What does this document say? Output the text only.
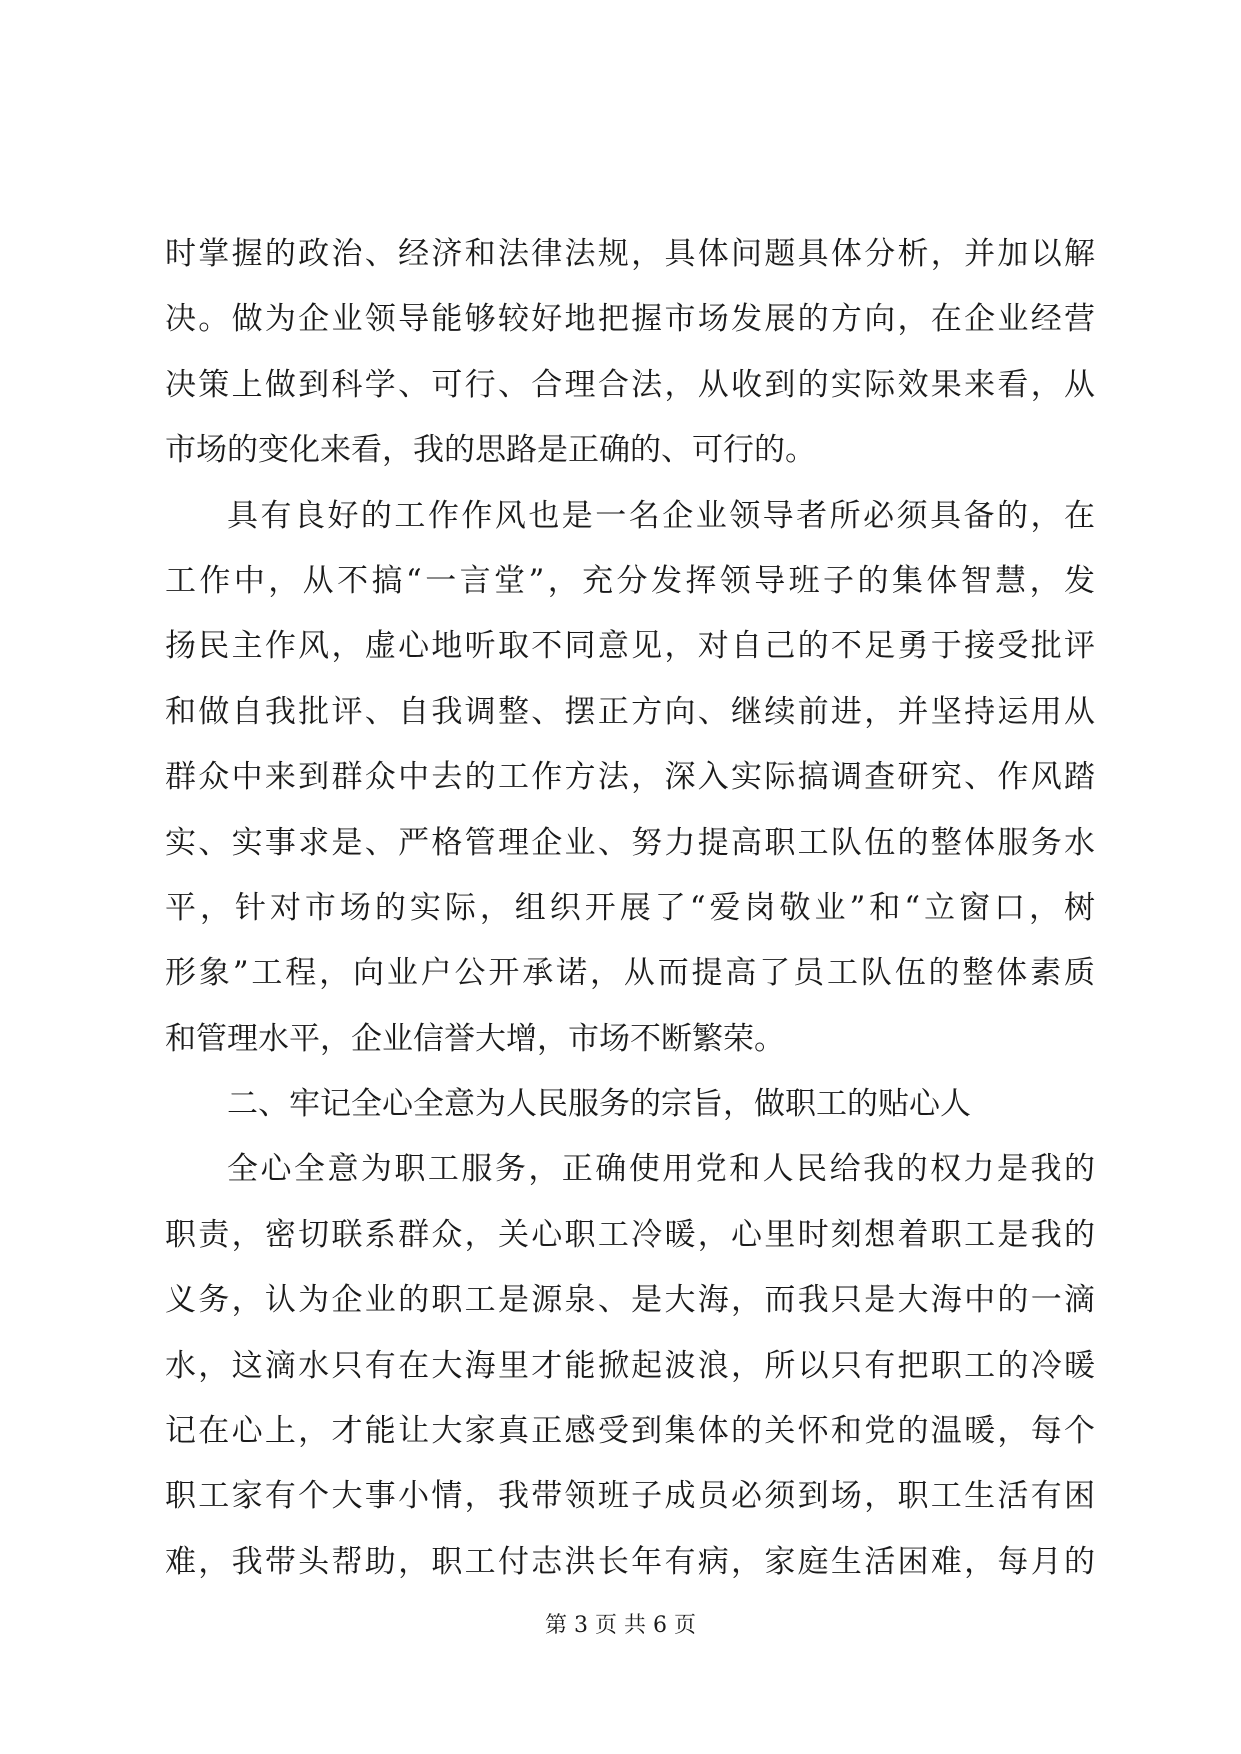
时掌握的政治、经济和法律法规，具体问题具体分析，并加以解
决。做为企业领导能够较好地把握市场发展的方向，在企业经营
决策上做到科学、可行、合理合法，从收到的实际效果来看，从
市场的变化来看，我的思路是正确的、可行的。
具有良好的工作作风也是一名企业领导者所必须具备的，在
工作中，从不搞“一言堂”，充分发挥领导班子的集体智慧，发
扬民主作风，虚心地听取不同意见，对自己的不足勇于接受批评
和做自我批评、自我调整、摆正方向、继续前进，并坚持运用从
群众中来到群众中去的工作方法，深入实际搞调查研究、作风踏
实、实事求是、严格管理企业、努力提高职工队伍的整体服务水
平，针对市场的实际，组织开展了“爱岗敬业”和“立窗口，树
形象”工程，向业户公开承诺，从而提高了员工队伍的整体素质
和管理水平，企业信誉大增，市场不断繁荣。
二、牢记全心全意为人民服务的宗旨，做职工的贴心人
全心全意为职工服务，正确使用党和人民给我的权力是我的
职责，密切联系群众，关心职工冷暖，心里时刻想着职工是我的
义务，认为企业的职工是源泉、是大海，而我只是大海中的一滴
水，这滴水只有在大海里才能掀起波浪，所以只有把职工的冷暖
记在心上，才能让大家真正感受到集体的关怀和党的温暖，每个
职工家有个大事小情，我带领班子成员必须到场，职工生活有困
难，我带头帮助，职工付志洪长年有病，家庭生活困难，每月的
第 3 页 共 6 页
